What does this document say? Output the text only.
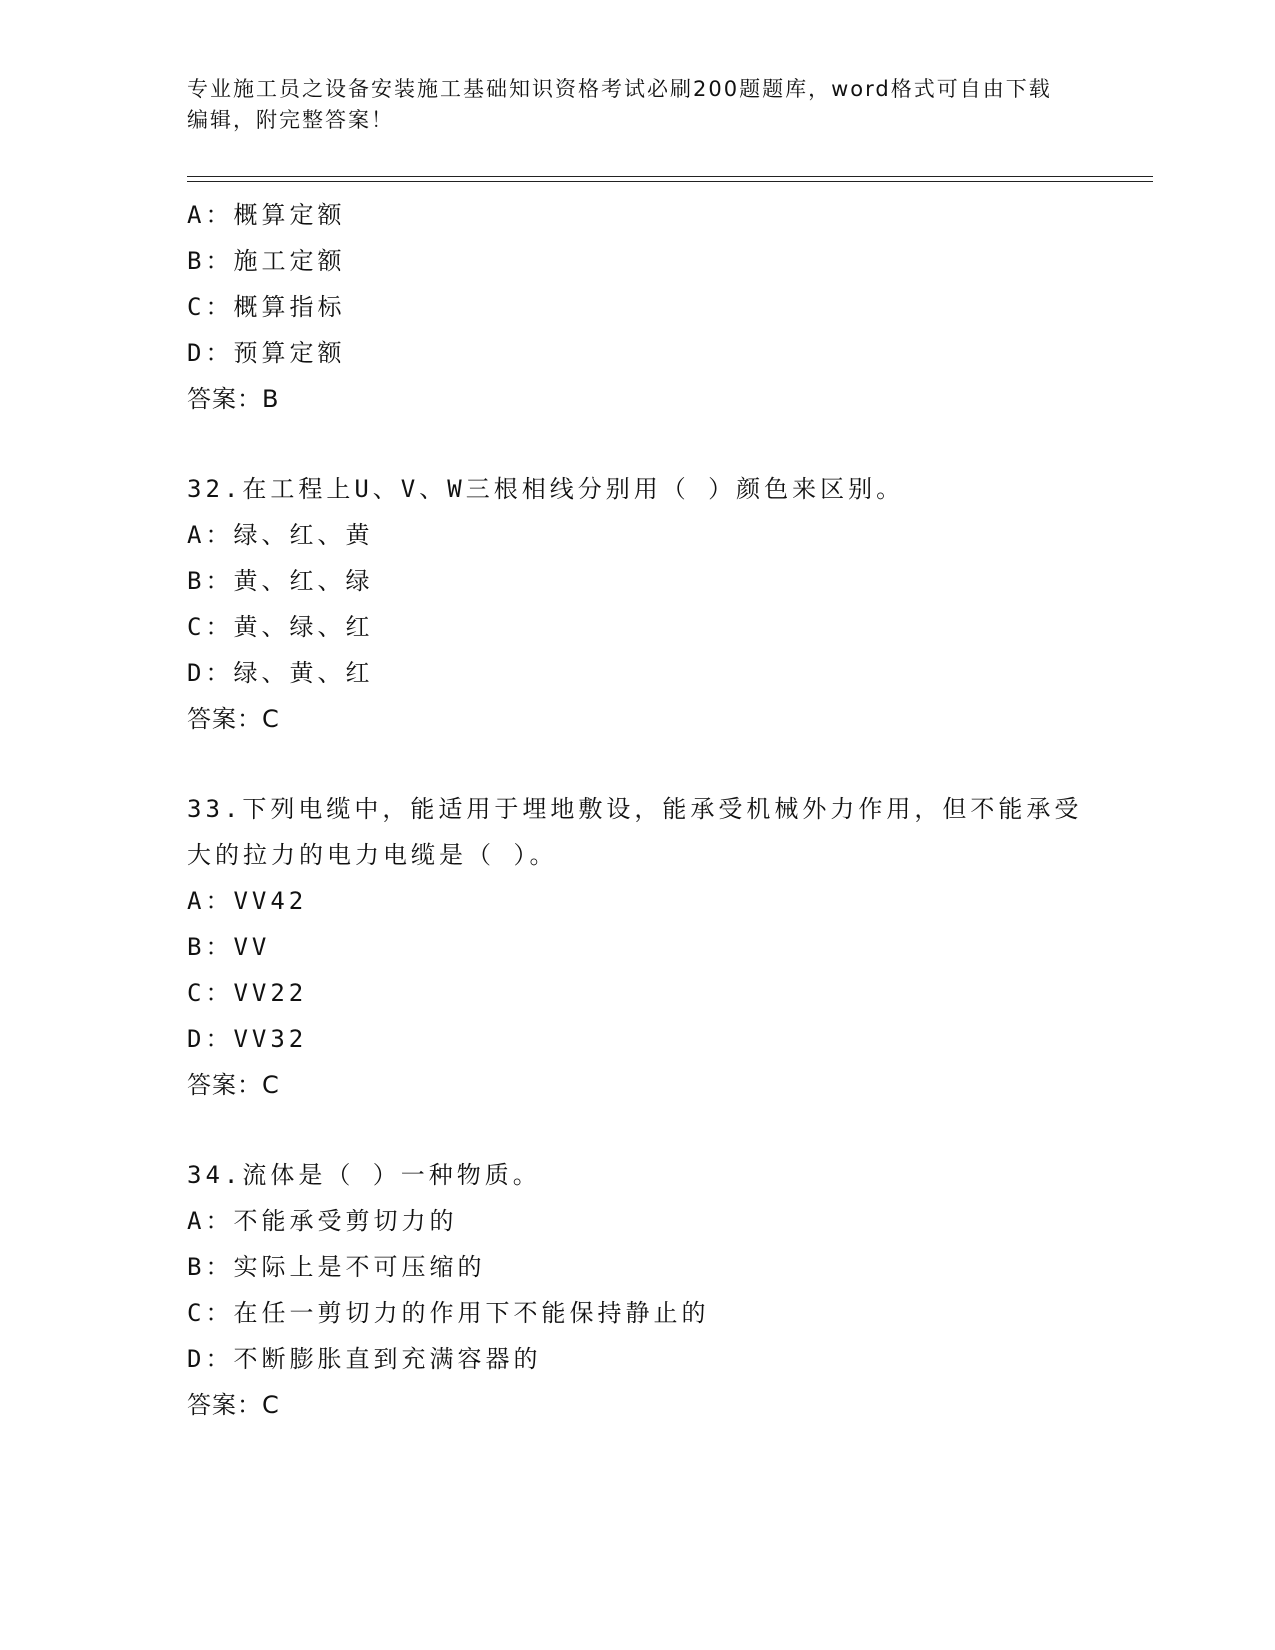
专业施工员之设备安装施工基础知识资格考试必刷200题题库，word格式可自由下载编辑，附完整答案！
A：概算定额
B：施工定额
C：概算指标
D：预算定额
答案：B
32.在工程上U、V、W三根相线分别用（ ）颜色来区别。
A：绿、红、黄
B：黄、红、绿
C：黄、绿、红
D：绿、黄、红
答案：C
33.下列电缆中，能适用于埋地敷设，能承受机械外力作用，但不能承受大的拉力的电力电缆是（ ）。
A：VV42
B：VV
C：VV22
D：VV32
答案：C
34.流体是（ ）一种物质。
A：不能承受剪切力的
B：实际上是不可压缩的
C：在任一剪切力的作用下不能保持静止的
D：不断膨胀直到充满容器的
答案：C
